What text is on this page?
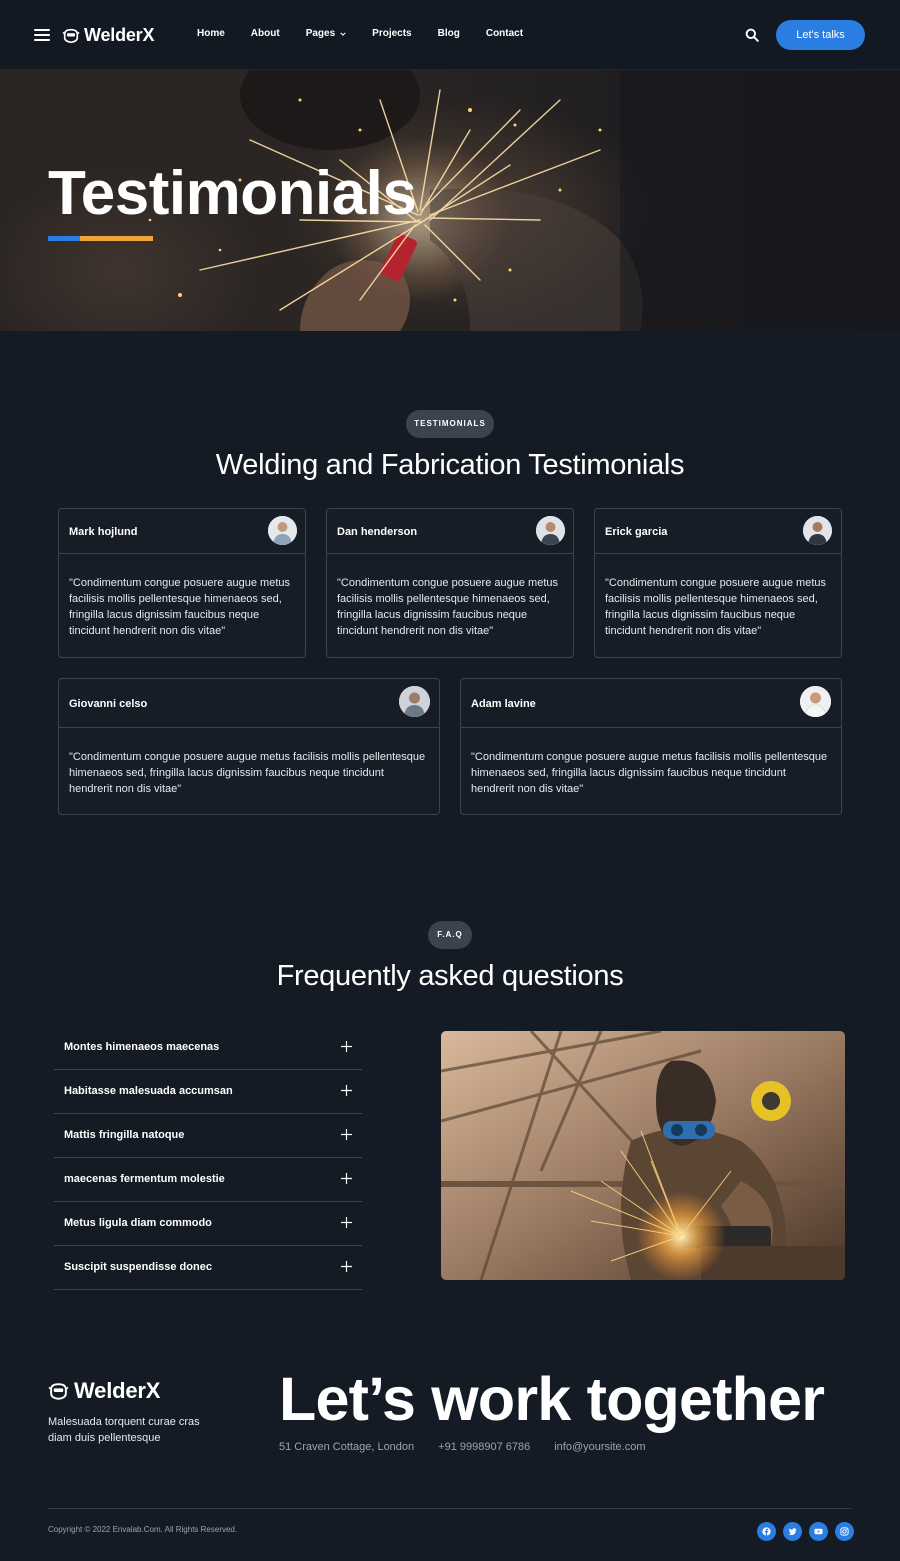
WelderX	Home	About	Pages	Projects	Blog	Contact	Let's talks
Testimonials
TESTIMONIALS
Welding and Fabrication Testimonials
Mark hojlund
"Condimentum congue posuere augue metus facilisis mollis pellentesque himenaeos sed, fringilla lacus dignissim faucibus neque tincidunt hendrerit non dis vitae"
Dan henderson
"Condimentum congue posuere augue metus facilisis mollis pellentesque himenaeos sed, fringilla lacus dignissim faucibus neque tincidunt hendrerit non dis vitae"
Erick garcia
"Condimentum congue posuere augue metus facilisis mollis pellentesque himenaeos sed, fringilla lacus dignissim faucibus neque tincidunt hendrerit non dis vitae"
Giovanni celso
"Condimentum congue posuere augue metus facilisis mollis pellentesque himenaeos sed, fringilla lacus dignissim faucibus neque tincidunt hendrerit non dis vitae"
Adam lavine
"Condimentum congue posuere augue metus facilisis mollis pellentesque himenaeos sed, fringilla lacus dignissim faucibus neque tincidunt hendrerit non dis vitae"
F.A.Q
Frequently asked questions
Montes himenaeos maecenas
Habitasse malesuada accumsan
Mattis fringilla natoque
maecenas fermentum molestie
Metus ligula diam commodo
Suscipit suspendisse donec
WelderX
Malesuada torquent curae cras diam duis pellentesque
Let’s work together
51 Craven Cottage, London +91 9998907 6786 info@yoursite.com
Copyright © 2022 Envalab.Com. All Rights Reserved.
